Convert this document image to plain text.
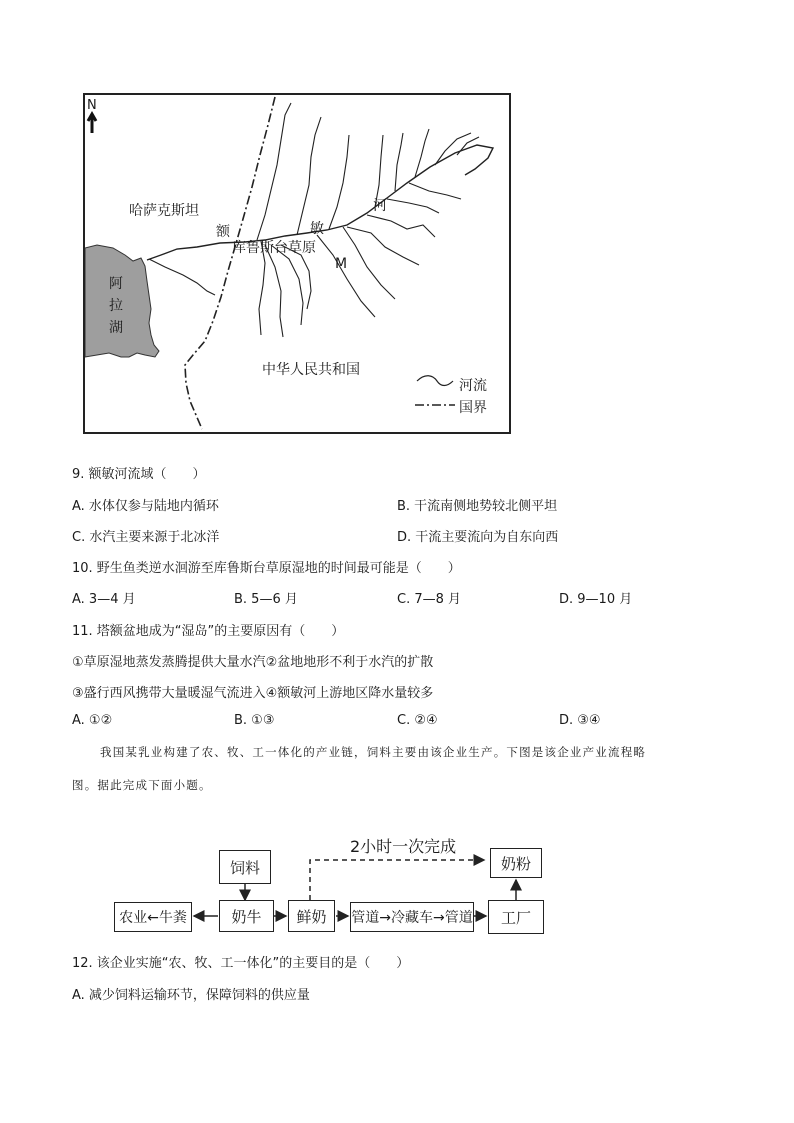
N
哈萨克斯坦
额	敏
河
库鲁斯台草原
M
阿
拉
湖
中华人民共和国
河流
国界
9. 额敏河流域（　　）
A. 水体仅参与陆地内循环	B. 干流南侧地势较北侧平坦
C. 水汽主要来源于北冰洋	D. 干流主要流向为自东向西
10. 野生鱼类逆水洄游至库鲁斯台草原湿地的时间最可能是（　　）
A. 3—4 月	B. 5—6 月	C. 7—8 月	D. 9—10 月
11. 塔额盆地成为“湿岛”的主要原因有（　　）
①草原湿地蒸发蒸腾提供大量水汽②盆地地形不利于水汽的扩散
③盛行西风携带大量暖湿气流进入④额敏河上游地区降水量较多
A. ①②	B. ①③	C. ②④	D. ③④
我国某乳业构建了农、牧、工一体化的产业链，饲料主要由该企业生产。下图是该企业产业流程略
图。据此完成下面小题。
饲料
2小时一次完成
奶粉
农业←牛粪	奶牛	鲜奶	管道→冷藏车→管道	工厂
12. 该企业实施“农、牧、工一体化”的主要目的是（　　）
A. 减少饲料运输环节，保障饲料的供应量
